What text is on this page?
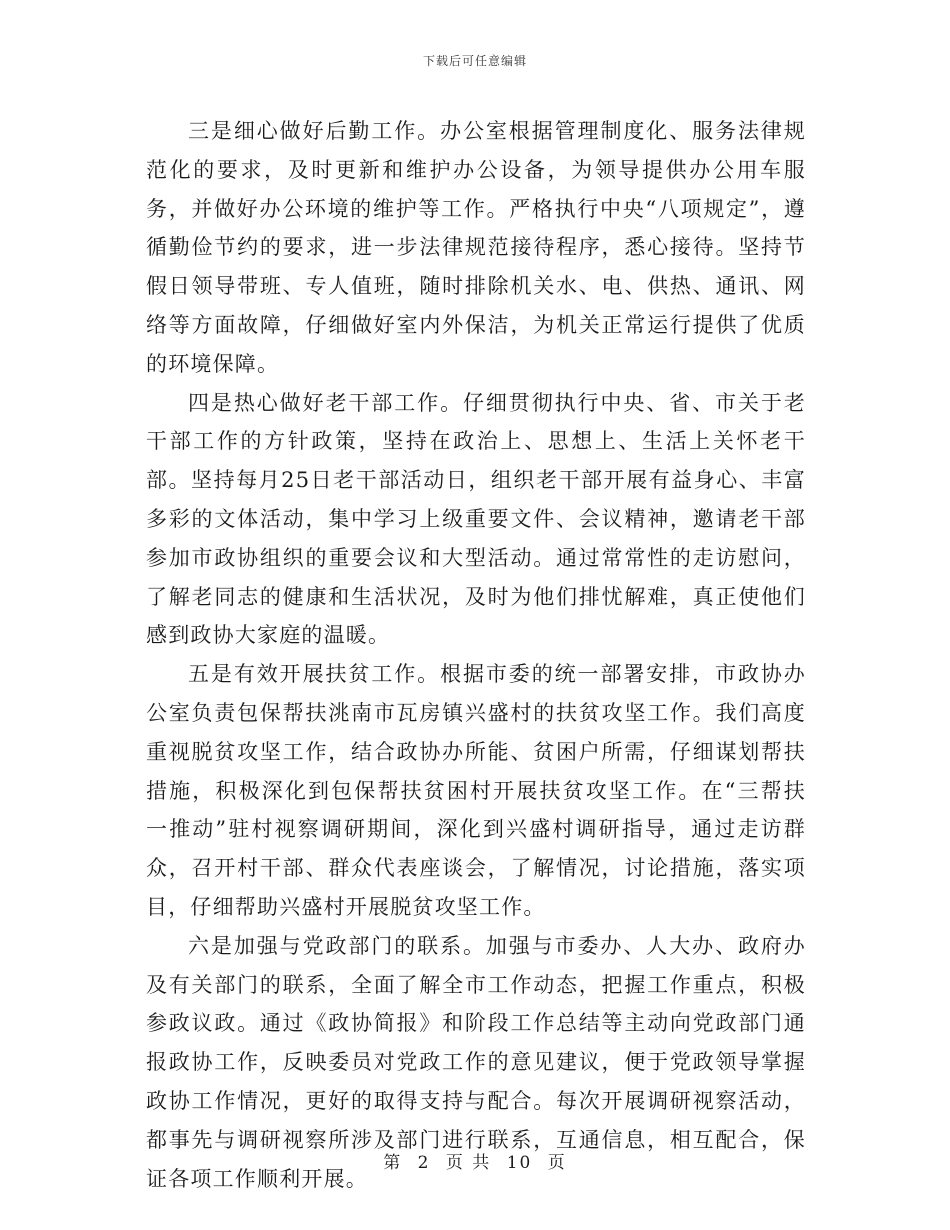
下载后可任意编辑

三是细心做好后勤工作。办公室根据管理制度化、服务法律规范化的要求，及时更新和维护办公设备，为领导提供办公用车服务，并做好办公环境的维护等工作。严格执行中央“八项规定”，遵循勤俭节约的要求，进一步法律规范接待程序，悉心接待。坚持节假日领导带班、专人值班，随时排除机关水、电、供热、通讯、网络等方面故障，仔细做好室内外保洁，为机关正常运行提供了优质的环境保障。

四是热心做好老干部工作。仔细贯彻执行中央、省、市关于老干部工作的方针政策，坚持在政治上、思想上、生活上关怀老干部。坚持每月25日老干部活动日，组织老干部开展有益身心、丰富多彩的文体活动，集中学习上级重要文件、会议精神，邀请老干部参加市政协组织的重要会议和大型活动。通过常常性的走访慰问，了解老同志的健康和生活状况，及时为他们排忧解难，真正使他们感到政协大家庭的温暖。

五是有效开展扶贫工作。根据市委的统一部署安排，市政协办公室负责包保帮扶洮南市瓦房镇兴盛村的扶贫攻坚工作。我们高度重视脱贫攻坚工作，结合政协办所能、贫困户所需，仔细谋划帮扶措施，积极深化到包保帮扶贫困村开展扶贫攻坚工作。在“三帮扶 一推动”驻村视察调研期间，深化到兴盛村调研指导，通过走访群众，召开村干部、群众代表座谈会，了解情况，讨论措施，落实项目，仔细帮助兴盛村开展脱贫攻坚工作。

六是加强与党政部门的联系。加强与市委办、人大办、政府办及有关部门的联系，全面了解全市工作动态，把握工作重点，积极参政议政。通过《政协简报》和阶段工作总结等主动向党政部门通报政协工作，反映委员对党政工作的意见建议，便于党政领导掌握政协工作情况，更好的取得支持与配合。每次开展调研视察活动，都事先与调研视察所涉及部门进行联系，互通信息，相互配合，保证各项工作顺利开展。

第 2 页 共 10 页
